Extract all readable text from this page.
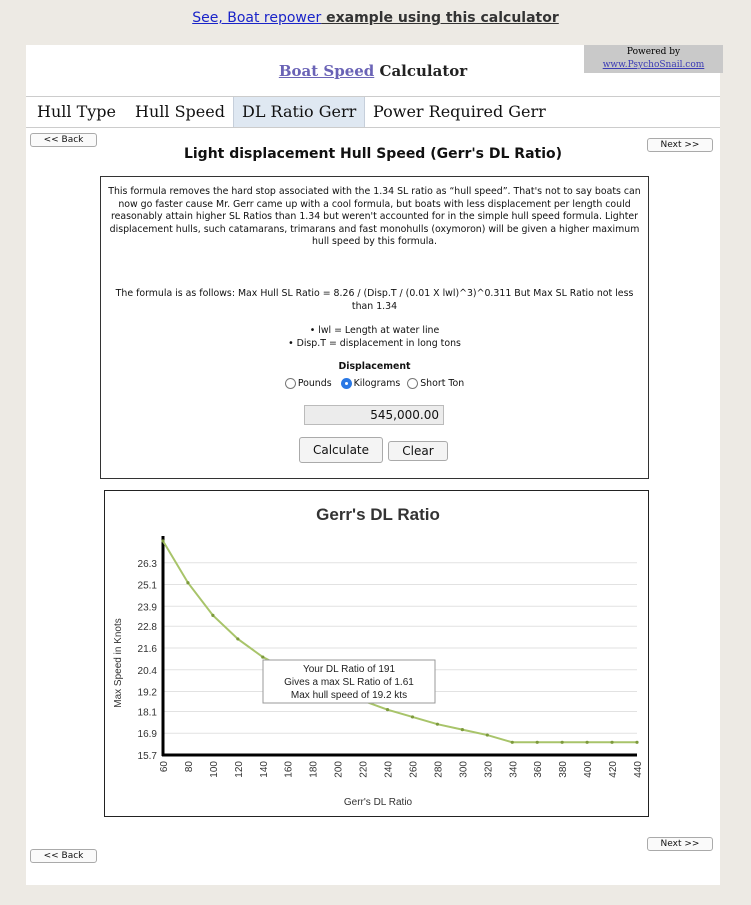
See, Boat repower example using this calculator
Powered by
www.PsychoSnail.com
Boat Speed Calculator
Hull Type Hull Speed	DL Ratio Gerr	Power Required Gerr
<< Back	Next >>
Light displacement Hull Speed (Gerr's DL Ratio)
This formula removes the hard stop associated with the 1.34 SL ratio as “hull speed”. That's not to say boats can now go faster cause Mr. Gerr came up with a cool formula, but boats with less displacement per length could reasonably attain higher SL Ratios than 1.34 but weren't accounted for in the simple hull speed formula. Lighter displacement hulls, such catamarans, trimarans and fast monohulls (oxymoron) will be given a higher maximum hull speed by this formula.
The formula is as follows: Max Hull SL Ratio = 8.26 / (Disp.T / (0.01 X lwl)^3)^0.311 But Max SL Ratio not less than 1.34
• lwl = Length at water line
• Disp.T = displacement in long tons
Displacement
Pounds Kilograms Short Ton
545,000.00
Calculate	Clear
Gerr's DL Ratio
Gerr's DL Ratio
Max Speed in Knots
15.7
16.9
18.1
19.2
20.4
21.6
22.8
23.9
25.1
26.3
60 80 100 120 140 160 180 200 220 240 260 280 300 320 340 360 380 400 420 440
Your DL Ratio of 191
Gives a max SL Ratio of 1.61
Max hull speed of 19.2 kts
<< Back
Next >>
